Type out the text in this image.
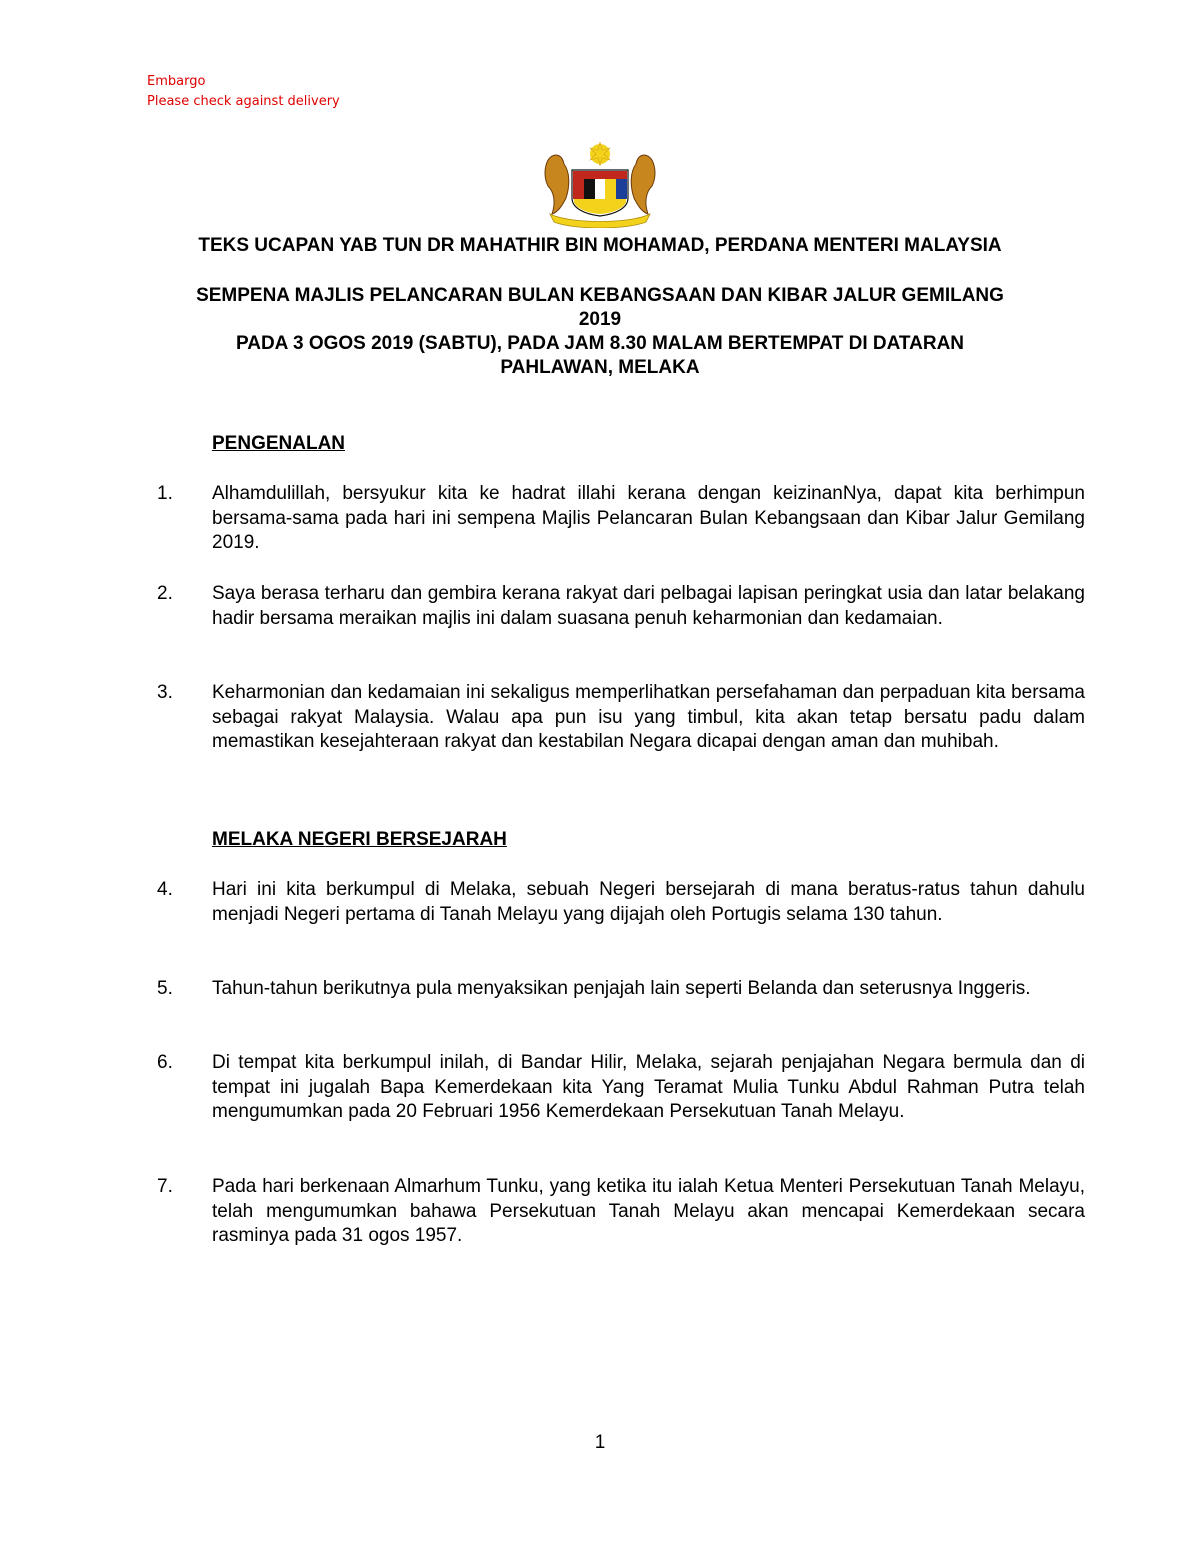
Embargo
Please check against delivery
TEKS UCAPAN YAB TUN DR MAHATHIR BIN MOHAMAD, PERDANA MENTERI MALAYSIA
SEMPENA MAJLIS PELANCARAN BULAN KEBANGSAAN DAN KIBAR JALUR GEMILANG
2019
PADA 3 OGOS 2019 (SABTU), PADA JAM 8.30 MALAM BERTEMPAT DI DATARAN
PAHLAWAN, MELAKA
PENGENALAN
1. Alhamdulillah, bersyukur kita ke hadrat illahi kerana dengan keizinanNya, dapat kita berhimpun bersama-sama pada hari ini sempena Majlis Pelancaran Bulan Kebangsaan dan Kibar Jalur Gemilang 2019.
2. Saya berasa terharu dan gembira kerana rakyat dari pelbagai lapisan peringkat usia dan latar belakang hadir bersama meraikan majlis ini dalam suasana penuh keharmonian dan kedamaian.
3. Keharmonian dan kedamaian ini sekaligus memperlihatkan persefahaman dan perpaduan kita bersama sebagai rakyat Malaysia. Walau apa pun isu yang timbul, kita akan tetap bersatu padu dalam memastikan kesejahteraan rakyat dan kestabilan Negara dicapai dengan aman dan muhibah.
MELAKA NEGERI BERSEJARAH
4. Hari ini kita berkumpul di Melaka, sebuah Negeri bersejarah di mana beratus-ratus tahun dahulu menjadi Negeri pertama di Tanah Melayu yang dijajah oleh Portugis selama 130 tahun.
5. Tahun-tahun berikutnya pula menyaksikan penjajah lain seperti Belanda dan seterusnya Inggeris.
6. Di tempat kita berkumpul inilah, di Bandar Hilir, Melaka, sejarah penjajahan Negara bermula dan di tempat ini jugalah Bapa Kemerdekaan kita Yang Teramat Mulia Tunku Abdul Rahman Putra telah mengumumkan pada 20 Februari 1956 Kemerdekaan Persekutuan Tanah Melayu.
7. Pada hari berkenaan Almarhum Tunku, yang ketika itu ialah Ketua Menteri Persekutuan Tanah Melayu, telah mengumumkan bahawa Persekutuan Tanah Melayu akan mencapai Kemerdekaan secara rasminya pada 31 ogos 1957.
1
